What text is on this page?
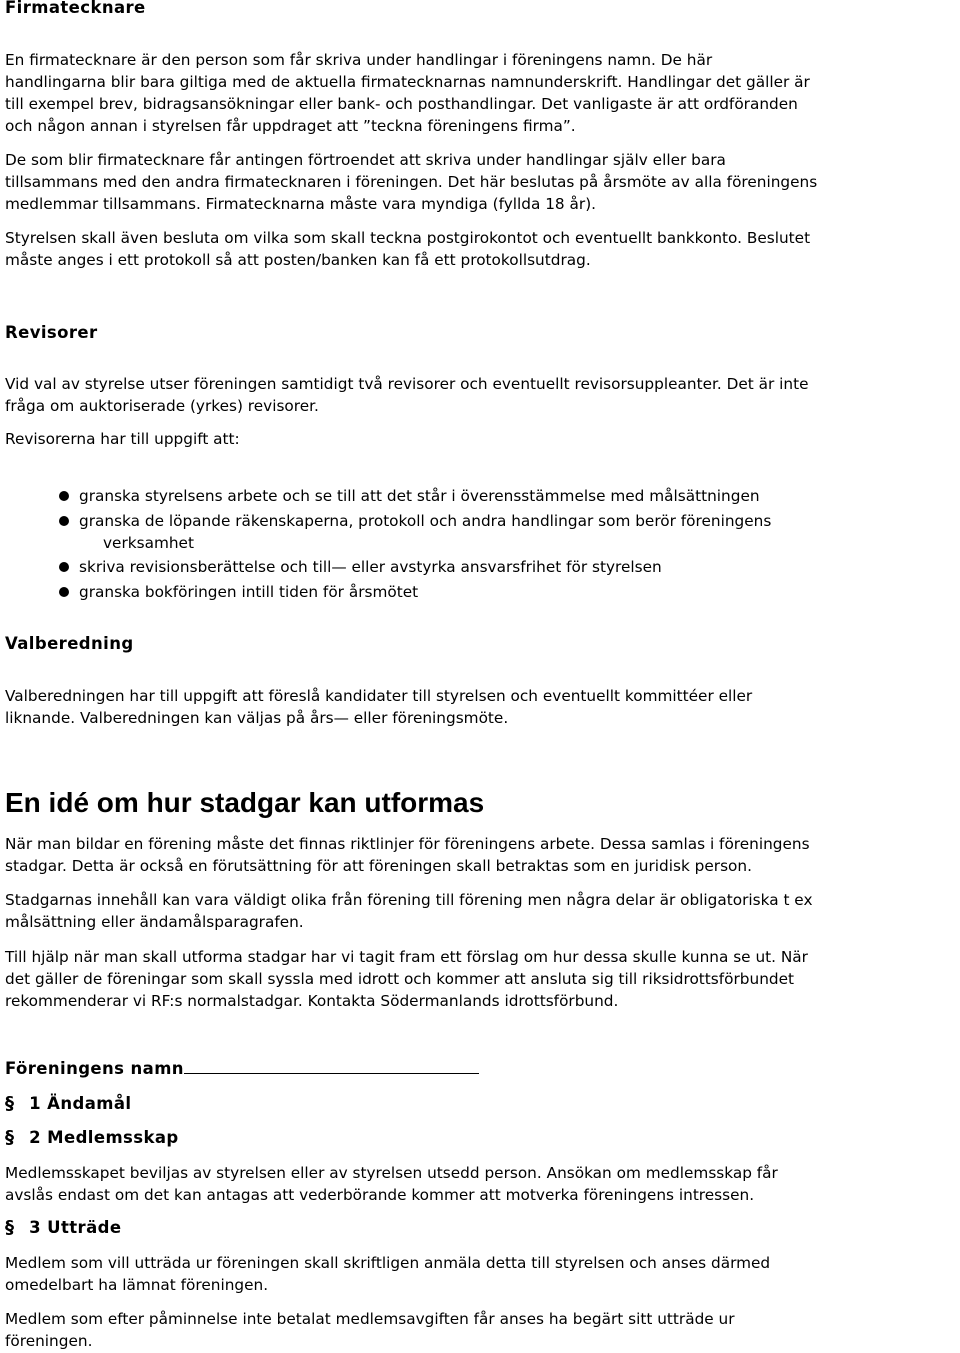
Firmatecknare
En firmatecknare är den person som får skriva under handlingar i föreningens namn. De här
handlingarna blir bara giltiga med de aktuella firmatecknarnas namnunderskrift. Handlingar det gäller är
till exempel brev, bidragsansökningar eller bank- och posthandlingar. Det vanligaste är att ordföranden
och någon annan i styrelsen får uppdraget att ”teckna föreningens firma”.
De som blir firmatecknare får antingen förtroendet att skriva under handlingar själv eller bara
tillsammans med den andra firmatecknaren i föreningen. Det här beslutas på årsmöte av alla föreningens
medlemmar tillsammans. Firmatecknarna måste vara myndiga (fyllda 18 år).
Styrelsen skall även besluta om vilka som skall teckna postgirokontot och eventuellt bankkonto. Beslutet
måste anges i ett protokoll så att posten/banken kan få ett protokollsutdrag.
Revisorer
Vid val av styrelse utser föreningen samtidigt två revisorer och eventuellt revisorsuppleanter. Det är inte
fråga om auktoriserade (yrkes) revisorer.
Revisorerna har till uppgift att:
granska styrelsens arbete och se till att det står i överensstämmelse med målsättningen
granska de löpande räkenskaperna, protokoll och andra handlingar som berör föreningens
verksamhet
skriva revisionsberättelse och till— eller avstyrka ansvarsfrihet för styrelsen
granska bokföringen intill tiden för årsmötet
Valberedning
Valberedningen har till uppgift att föreslå kandidater till styrelsen och eventuellt kommittéer eller
liknande. Valberedningen kan väljas på års— eller föreningsmöte.
En idé om hur stadgar kan utformas
När man bildar en förening måste det finnas riktlinjer för föreningens arbete. Dessa samlas i föreningens
stadgar. Detta är också en förutsättning för att föreningen skall betraktas som en juridisk person.
Stadgarnas innehåll kan vara väldigt olika från förening till förening men några delar är obligatoriska t ex
målsättning eller ändamålsparagrafen.
Till hjälp när man skall utforma stadgar har vi tagit fram ett förslag om hur dessa skulle kunna se ut. När
det gäller de föreningar som skall syssla med idrott och kommer att ansluta sig till riksidrottsförbundet
rekommenderar vi RF:s normalstadgar. Kontakta Södermanlands idrottsförbund.
Föreningens namn
§ 1 Ändamål
§ 2 Medlemsskap
Medlemsskapet beviljas av styrelsen eller av styrelsen utsedd person. Ansökan om medlemsskap får
avslås endast om det kan antagas att vederbörande kommer att motverka föreningens intressen.
§ 3 Utträde
Medlem som vill utträda ur föreningen skall skriftligen anmäla detta till styrelsen och anses därmed
omedelbart ha lämnat föreningen.
Medlem som efter påminnelse inte betalat medlemsavgiften får anses ha begärt sitt utträde ur
föreningen.
